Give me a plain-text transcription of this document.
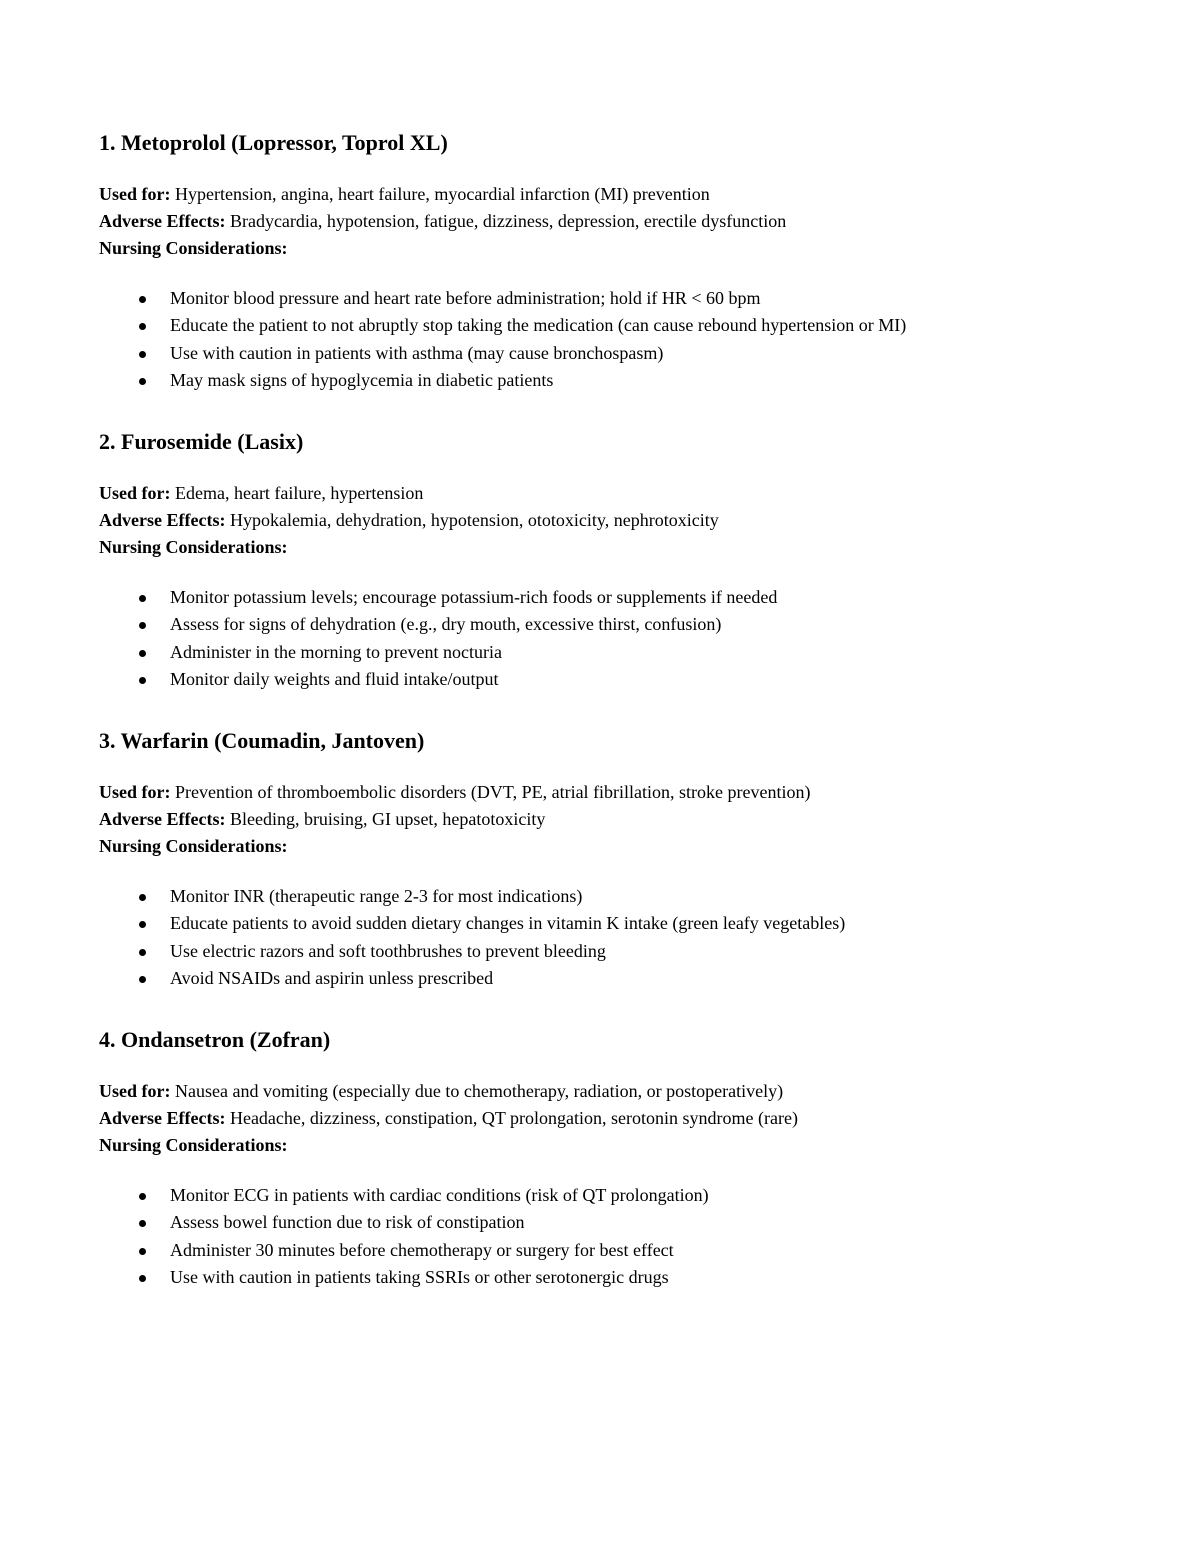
1. Metoprolol (Lopressor, Toprol XL)
Used for: Hypertension, angina, heart failure, myocardial infarction (MI) prevention
Adverse Effects: Bradycardia, hypotension, fatigue, dizziness, depression, erectile dysfunction
Nursing Considerations:
Monitor blood pressure and heart rate before administration; hold if HR < 60 bpm
Educate the patient to not abruptly stop taking the medication (can cause rebound hypertension or MI)
Use with caution in patients with asthma (may cause bronchospasm)
May mask signs of hypoglycemia in diabetic patients
2. Furosemide (Lasix)
Used for: Edema, heart failure, hypertension
Adverse Effects: Hypokalemia, dehydration, hypotension, ototoxicity, nephrotoxicity
Nursing Considerations:
Monitor potassium levels; encourage potassium-rich foods or supplements if needed
Assess for signs of dehydration (e.g., dry mouth, excessive thirst, confusion)
Administer in the morning to prevent nocturia
Monitor daily weights and fluid intake/output
3. Warfarin (Coumadin, Jantoven)
Used for: Prevention of thromboembolic disorders (DVT, PE, atrial fibrillation, stroke prevention)
Adverse Effects: Bleeding, bruising, GI upset, hepatotoxicity
Nursing Considerations:
Monitor INR (therapeutic range 2-3 for most indications)
Educate patients to avoid sudden dietary changes in vitamin K intake (green leafy vegetables)
Use electric razors and soft toothbrushes to prevent bleeding
Avoid NSAIDs and aspirin unless prescribed
4. Ondansetron (Zofran)
Used for: Nausea and vomiting (especially due to chemotherapy, radiation, or postoperatively)
Adverse Effects: Headache, dizziness, constipation, QT prolongation, serotonin syndrome (rare)
Nursing Considerations:
Monitor ECG in patients with cardiac conditions (risk of QT prolongation)
Assess bowel function due to risk of constipation
Administer 30 minutes before chemotherapy or surgery for best effect
Use with caution in patients taking SSRIs or other serotonergic drugs
